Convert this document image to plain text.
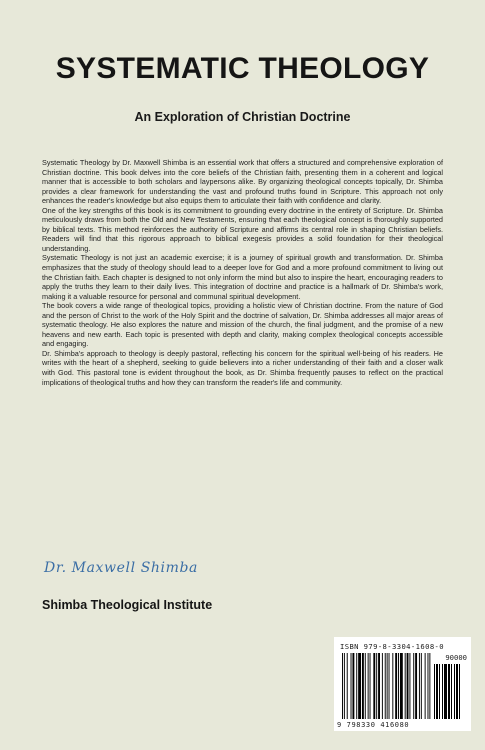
SYSTEMATIC THEOLOGY
An Exploration of Christian Doctrine

Systematic Theology by Dr. Maxwell Shimba is an essential work that offers a structured and comprehensive exploration of Christian doctrine. This book delves into the core beliefs of the Christian faith, presenting them in a coherent and logical manner that is accessible to both scholars and laypersons alike. By organizing theological concepts topically, Dr. Shimba provides a clear framework for understanding the vast and profound truths found in Scripture. This approach not only enhances the reader's knowledge but also equips them to articulate their faith with confidence and clarity.

One of the key strengths of this book is its commitment to grounding every doctrine in the entirety of Scripture. Dr. Shimba meticulously draws from both the Old and New Testaments, ensuring that each theological concept is thoroughly supported by biblical texts. This method reinforces the authority of Scripture and affirms its central role in shaping Christian beliefs. Readers will find that this rigorous approach to biblical exegesis provides a solid foundation for their theological understanding.

Systematic Theology is not just an academic exercise; it is a journey of spiritual growth and transformation. Dr. Shimba emphasizes that the study of theology should lead to a deeper love for God and a more profound commitment to living out the Christian faith. Each chapter is designed to not only inform the mind but also to inspire the heart, encouraging readers to apply the truths they learn to their daily lives. This integration of doctrine and practice is a hallmark of Dr. Shimba's work, making it a valuable resource for personal and communal spiritual development.

The book covers a wide range of theological topics, providing a holistic view of Christian doctrine. From the nature of God and the person of Christ to the work of the Holy Spirit and the doctrine of salvation, Dr. Shimba addresses all major areas of systematic theology. He also explores the nature and mission of the church, the final judgment, and the promise of a new heavens and new earth. Each topic is presented with depth and clarity, making complex theological concepts accessible and engaging.

Dr. Shimba's approach to theology is deeply pastoral, reflecting his concern for the spiritual well-being of his readers. He writes with the heart of a shepherd, seeking to guide believers into a richer understanding of their faith and a closer walk with God. This pastoral tone is evident throughout the book, as Dr. Shimba frequently pauses to reflect on the practical implications of theological truths and how they can transform the reader's life and community.

Dr. Maxwell Shimba
Shimba Theological Institute
ISBN 979-8-3304-1608-0
90000
9 798330 416080
